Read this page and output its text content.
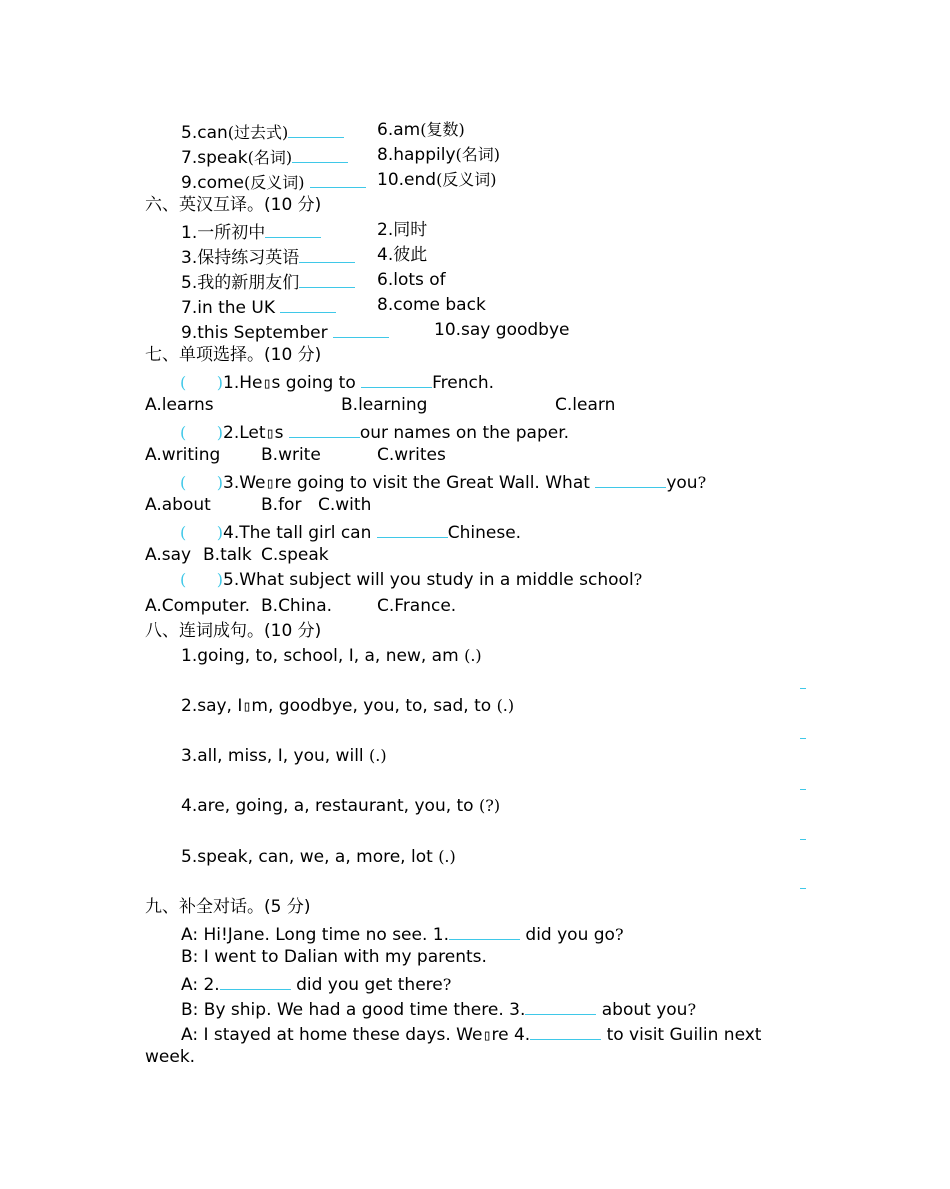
5.can(过去式)	6.am(复数)
7.speak(名词)	8.happily(名词)
9.come(反义词)	10.end(反义词)
六、英汉互译。(10 分)
1.一所初中	2.同时
3.保持练习英语	4.彼此
5.我的新朋友们	6.lots of
7.in the UK	8.come back
9.this September	10.say goodbye
七、单项选择。(10 分)
( )1.He▯s going to	French.
A.learns	B.learning	C.learn
( )2.Let▯s	our names on the paper.
A.writing B.write	C.writes
( )3.We▯re going to visit the Great Wall. What	you?
A.about	B.for C.with
( )4.The tall girl can	Chinese.
A.say B.talk C.speak
( )5.What subject will you study in a middle school?
A.Computer. B.China.	C.France.
八、连词成句。(10 分)
1.going, to, school, I, a, new, am (.)
2.say, I▯m, goodbye, you, to, sad, to (.)
3.all, miss, I, you, will (.)
4.are, going, a, restaurant, you, to (?)
5.speak, can, we, a, more, lot (.)
九、补全对话。(5 分)
A: Hi!Jane. Long time no see. 1.	did you go?
B: I went to Dalian with my parents.
A: 2.	did you get there?
B: By ship. We had a good time there. 3.	about you?
A: I stayed at home these days. We▯re 4.	to visit Guilin next
week.
